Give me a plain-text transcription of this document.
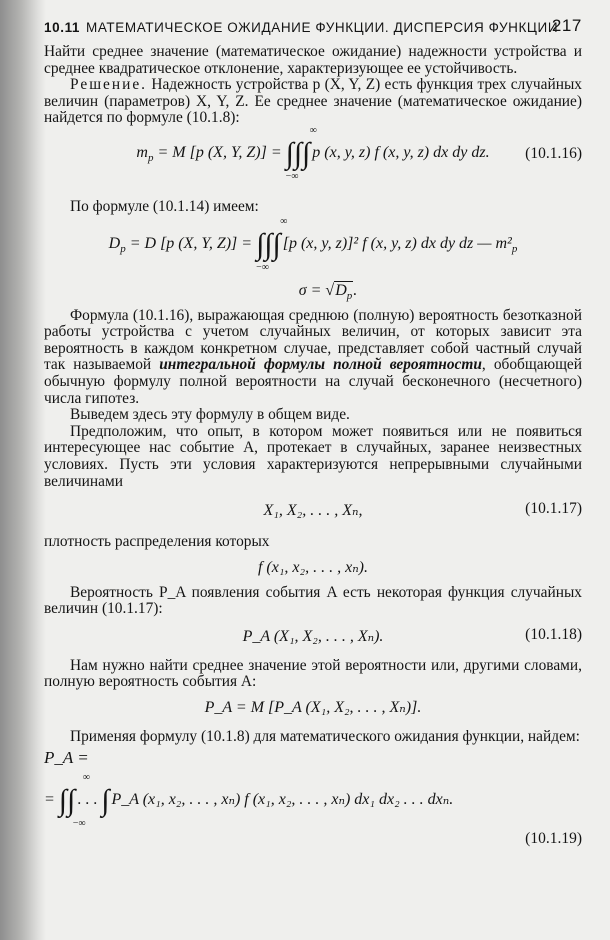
10.11 МАТЕМАТИЧЕСКОЕ ОЖИДАНИЕ ФУНКЦИИ. ДИСПЕРСИЯ ФУНКЦИИ
217

Найти среднее значение (математическое ожидание) надежности устройства и среднее квадратическое отклонение, характеризующее ее устойчивость.

Решение. Надежность устройства p (X, Y, Z) есть функция трех случайных величин (параметров) X, Y, Z. Ее среднее значение (математическое ожидание) найдется по формуле (10.1.8):

$m_p = M$ [p (X, Y, Z)] =
∞
∫∫∫
−∞
p (x, y, z) f (x, y, z) dx dy dz. (10.1.16)

По формуле (10.1.14) имеем:

$D_p = D$ [p (X, Y, Z)] =
∞
∫∫∫
−∞
[p (x, y, z)]² f (x, y, z) dx dy dz — $m^2_p$
$\sigma = √D_p$.

Формула (10.1.16), выражающая среднюю (полную) вероятность безотказной работы устройства с учетом случайных величин, от которых зависит эта вероятность в каждом конкретном случае, представляет собой частный случай так называемой интегральной формулы полной вероятности, обобщающей обычную формулу полной вероятности на случай бесконечного (несчетного) числа гипотез.

Выведем здесь эту формулу в общем виде.

Предположим, что опыт, в котором может появиться или не появиться интересующее нас событие A, протекает в случайных, заранее неизвестных условиях. Пусть эти условия характеризуются непрерывными случайными величинами

X₁, X₂, . . . , Xₙ,	(10.1.17)

плотность распределения которых

f (x₁, x₂, . . . , xₙ).

Вероятность P_A появления события A есть некоторая функция случайных величин (10.1.17):

P_A (X₁, X₂, . . . , Xₙ).	(10.1.18)

Нам нужно найти среднее значение этой вероятности или, другими словами, полную вероятность события A:

P_A = M [P_A (X₁, X₂, . . . , Xₙ)].

Применяя формулу (10.1.8) для математического ожидания функции, найдем:

P_A =
=
∞
∫∫ . . . ∫
−∞
P_A (x₁, x₂, . . . , xₙ) f (x₁, x₂, . . . , xₙ) dx₁ dx₂ . . . dxₙ.
(10.1.19)
